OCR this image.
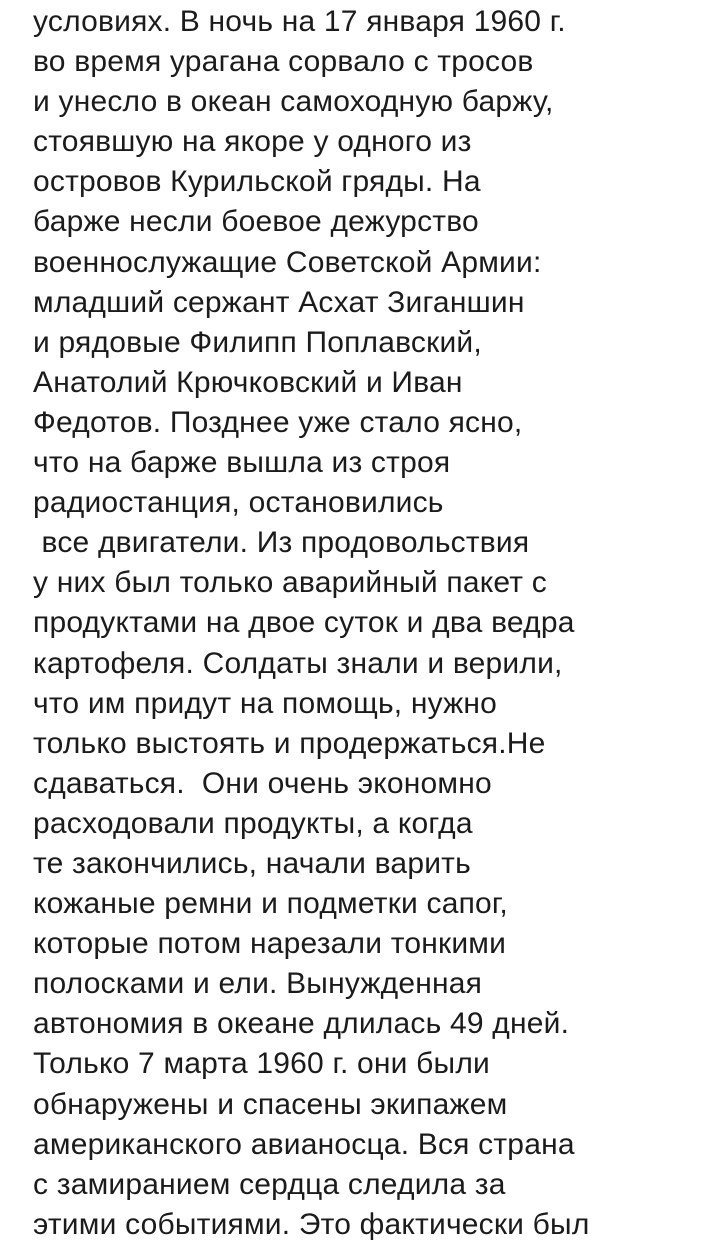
условиях. В ночь на 17 января 1960 г.
во время урагана сорвало с тросов
и унесло в океан самоходную баржу,
стоявшую на якоре у одного из
островов Курильской гряды. На
барже несли боевое дежурство
военнослужащие Советской Армии:
младший сержант Асхат Зиганшин
и рядовые Филипп Поплавский,
Анатолий Крючковский и Иван
Федотов. Позднее уже стало ясно,
что на барже вышла из строя
радиостанция, остановились
все двигатели. Из продовольствия
у них был только аварийный пакет с
продуктами на двое суток и два ведра
картофеля. Солдаты знали и верили,
что им придут на помощь, нужно
только выстоять и продержаться.Не
сдаваться.  Они очень экономно
расходовали продукты, а когда
те закончились, начали варить
кожаные ремни и подметки сапог,
которые потом нарезали тонкими
полосками и ели. Вынужденная
автономия в океане длилась 49 дней.
Только 7 марта 1960 г. они были
обнаружены и спасены экипажем
американского авианосца. Вся страна
с замиранием сердца следила за
этими событиями. Это фактически был
